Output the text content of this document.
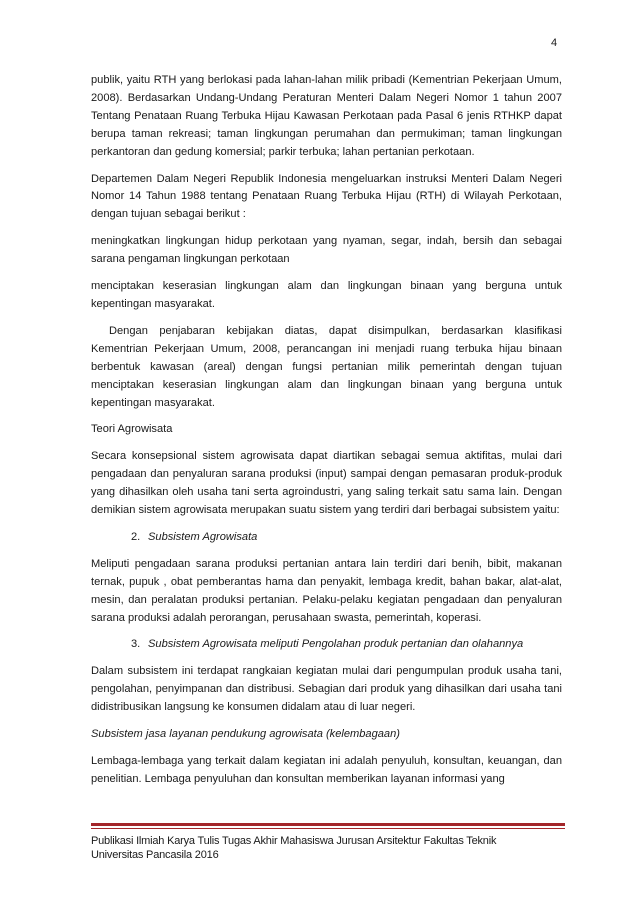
4

publik, yaitu RTH yang berlokasi pada lahan-lahan milik pribadi (Kementrian Pekerjaan Umum, 2008). Berdasarkan Undang-Undang Peraturan Menteri Dalam Negeri Nomor 1 tahun 2007 Tentang Penataan Ruang Terbuka Hijau Kawasan Perkotaan pada Pasal 6 jenis RTHKP dapat berupa taman rekreasi; taman lingkungan perumahan dan permukiman; taman lingkungan perkantoran dan gedung komersial; parkir terbuka; lahan pertanian perkotaan.

Departemen Dalam Negeri Republik Indonesia mengeluarkan instruksi Menteri Dalam Negeri Nomor 14 Tahun 1988 tentang Penataan Ruang Terbuka Hijau (RTH) di Wilayah Perkotaan, dengan tujuan sebagai berikut :

meningkatkan lingkungan hidup perkotaan yang nyaman, segar, indah, bersih dan sebagai sarana pengaman lingkungan perkotaan

menciptakan keserasian lingkungan alam dan lingkungan binaan yang berguna untuk kepentingan masyarakat.

Dengan penjabaran kebijakan diatas, dapat disimpulkan, berdasarkan klasifikasi Kementrian Pekerjaan Umum, 2008, perancangan ini menjadi ruang terbuka hijau binaan berbentuk kawasan (areal) dengan fungsi pertanian milik pemerintah dengan tujuan menciptakan keserasian lingkungan alam dan lingkungan binaan yang berguna untuk kepentingan masyarakat.

Teori Agrowisata

Secara konsepsional sistem agrowisata dapat diartikan sebagai semua aktifitas, mulai dari pengadaan dan penyaluran sarana produksi (input) sampai dengan pemasaran produk-produk yang dihasilkan oleh usaha tani serta agroindustri, yang saling terkait satu sama lain. Dengan demikian sistem agrowisata merupakan suatu sistem yang terdiri dari berbagai subsistem yaitu:

2. Subsistem Agrowisata

Meliputi pengadaan sarana produksi pertanian antara lain terdiri dari benih, bibit, makanan ternak, pupuk , obat pemberantas hama dan penyakit, lembaga kredit, bahan bakar, alat-alat, mesin, dan peralatan produksi pertanian. Pelaku-pelaku kegiatan pengadaan dan penyaluran sarana produksi adalah perorangan, perusahaan swasta, pemerintah, koperasi.

3. Subsistem Agrowisata meliputi Pengolahan produk pertanian dan olahannya

Dalam subsistem ini terdapat rangkaian kegiatan mulai dari pengumpulan produk usaha tani, pengolahan, penyimpanan dan distribusi. Sebagian dari produk yang dihasilkan dari usaha tani didistribusikan langsung ke konsumen didalam atau di luar negeri.

Subsistem jasa layanan pendukung agrowisata (kelembagaan)

Lembaga-lembaga yang terkait dalam kegiatan ini adalah penyuluh, konsultan, keuangan, dan penelitian. Lembaga penyuluhan dan konsultan memberikan layanan informasi yang

Publikasi Ilmiah Karya Tulis Tugas Akhir Mahasiswa Jurusan Arsitektur Fakultas Teknik
Universitas Pancasila 2016
